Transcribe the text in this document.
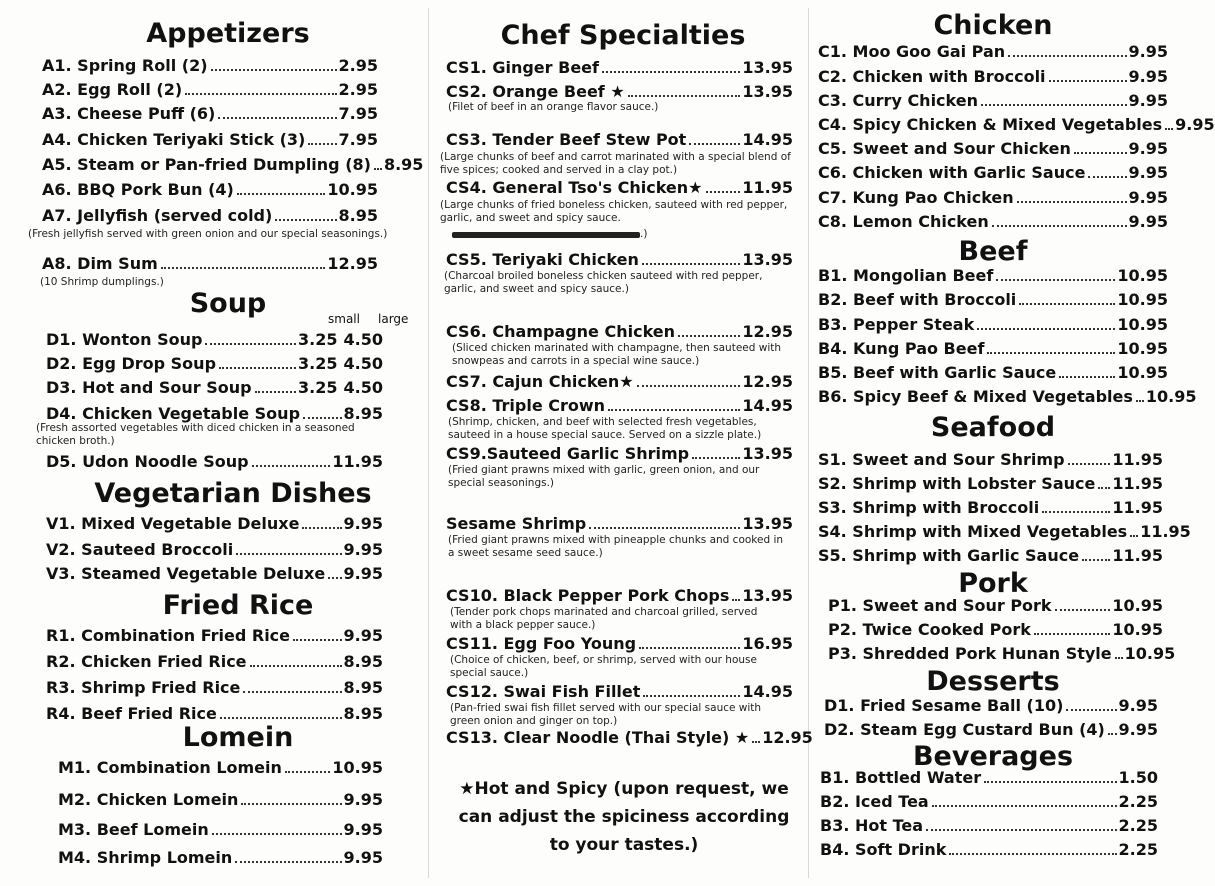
Appetizers
A1. Spring Roll (2)	2.95
A2. Egg Roll (2)	2.95
A3. Cheese Puff (6)	7.95
A4. Chicken Teriyaki Stick (3) 7.95
A5. Steam or Pan-fried Dumpling (8) 8.95
A6. BBQ Pork Bun (4)	10.95
A7. Jellyfish (served cold)	8.95
(Fresh jellyfish served with green onion and our special seasonings.)
A8. Dim Sum	12.95
(10 Shrimp dumplings.)
Soup	small large
D1. Wonton Soup	3.25 4.50
D2. Egg Drop Soup	3.25 4.50
D3. Hot and Sour Soup	3.25 4.50
D4. Chicken Vegetable Soup	8.95
(Fresh assorted vegetables with diced chicken in a seasoned chicken broth.)
D5. Udon Noodle Soup	11.95
Vegetarian Dishes
V1. Mixed Vegetable Deluxe	9.95
V2. Sauteed Broccoli	9.95
V3. Steamed Vegetable Deluxe 9.95
Fried Rice
R1. Combination Fried Rice	9.95
R2. Chicken Fried Rice	8.95
R3. Shrimp Fried Rice	8.95
R4. Beef Fried Rice	8.95
Lomein
M1. Combination Lomein	10.95
M2. Chicken Lomein	9.95
M3. Beef Lomein	9.95
M4. Shrimp Lomein	9.95
Chef Specialties
CS1. Ginger Beef	13.95
CS2. Orange Beef ★	13.95
(Filet of beef in an orange flavor sauce.)
CS3. Tender Beef Stew Pot	14.95
(Large chunks of beef and carrot marinated with a special blend of five spices; cooked and served in a clay pot.)
CS4. General Tso's Chicken★ 11.95
(Large chunks of fried boneless chicken, sauteed with red pepper, garlic, and sweet and spicy sauce.
CS5. Teriyaki Chicken	13.95
(Charcoal broiled boneless chicken sauteed with red pepper, garlic, and sweet and spicy sauce.)
CS6. Champagne Chicken	12.95
(Sliced chicken marinated with champagne, then sauteed with snowpeas and carrots in a special wine sauce.)
CS7. Cajun Chicken★	12.95
CS8. Triple Crown	14.95
(Shrimp, chicken, and beef with selected fresh vegetables, sauteed in a house special sauce. Served on a sizzle plate.)
CS9.Sauteed Garlic Shrimp	13.95
(Fried giant prawns mixed with garlic, green onion, and our special seasonings.)
Sesame Shrimp	13.95
(Fried giant prawns mixed with pineapple chunks and cooked in a sweet sesame seed sauce.)
CS10. Black Pepper Pork Chops 13.95
(Tender pork chops marinated and charcoal grilled, served with a black pepper sauce.)
CS11. Egg Foo Young	16.95
(Choice of chicken, beef, or shrimp, served with our house special sauce.)
CS12. Swai Fish Fillet	14.95
(Pan-fried swai fish fillet served with our special sauce with green onion and ginger on top.)
CS13. Clear Noodle (Thai Style) ★ 12.95
.)
★Hot and Spicy (upon request, we
can adjust the spiciness according
to your tastes.)
Chicken
C1. Moo Goo Gai Pan	9.95
C2. Chicken with Broccoli	9.95
C3. Curry Chicken	9.95
C4. Spicy Chicken & Mixed Vegetables 9.95
C5. Sweet and Sour Chicken	9.95
C6. Chicken with Garlic Sauce	9.95
C7. Kung Pao Chicken	9.95
C8. Lemon Chicken	9.95
Beef
B1. Mongolian Beef	10.95
B2. Beef with Broccoli	10.95
B3. Pepper Steak	10.95
B4. Kung Pao Beef	10.95
B5. Beef with Garlic Sauce	10.95
B6. Spicy Beef & Mixed Vegetables 10.95
Seafood
S1. Sweet and Sour Shrimp	11.95
S2. Shrimp with Lobster Sauce 11.95
S3. Shrimp with Broccoli	11.95
S4. Shrimp with Mixed Vegetables 11.95
S5. Shrimp with Garlic Sauce 11.95
Pork
P1. Sweet and Sour Pork	10.95
P2. Twice Cooked Pork	10.95
P3. Shredded Pork Hunan Style 10.95
Desserts
D1. Fried Sesame Ball (10)	9.95
D2. Steam Egg Custard Bun (4) 9.95
Beverages
B1. Bottled Water	1.50
B2. Iced Tea	2.25
B3. Hot Tea	2.25
B4. Soft Drink	2.25
